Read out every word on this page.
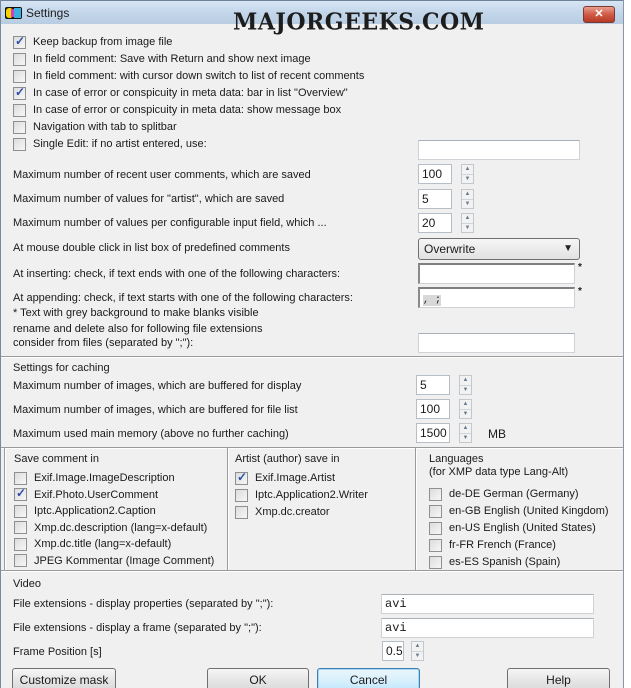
Settings	MAJORGEEKS.COM	✕
✓
Keep backup from image file
In field comment: Save with Return and show next image
In field comment: with cursor down switch to list of recent comments
✓
In case of error or conspicuity in meta data: bar in list "Overview"
In case of error or conspicuity in meta data: show message box
Navigation with tab to splitbar
Single Edit: if no artist entered, use:
Maximum number of recent user comments, which are saved	100	▲
▼
Maximum number of values for "artist", which are saved	5	▲
▼
Maximum number of values per configurable input field, which ...	20	▲
▼
At mouse double click in list box of predefined comments	Overwrite	▼
At inserting: check, if text ends with one of the following characters:
*
At appending: check, if text starts with one of the following characters:	, ;
*
* Text with grey background to make blanks visible
rename and delete also for following file extensions
consider from files (separated by ";"):
Settings for caching
Maximum number of images, which are buffered for display	5	▲
▼
Maximum number of images, which are buffered for file list	100	▲
▼
Maximum used main memory (above no further caching)	1500	▲
▼ MB
Save comment in
Exif.Image.ImageDescription
✓
Exif.Photo.UserComment
Iptc.Application2.Caption
Xmp.dc.description (lang=x-default)
Xmp.dc.title (lang=x-default)
JPEG Kommentar (Image Comment)
Artist (author) save in
✓
Exif.Image.Artist
Iptc.Application2.Writer
Xmp.dc.creator
Languages
(for XMP data type Lang-Alt)
de-DE German (Germany)
en-GB English (United Kingdom)
en-US English (United States)
fr-FR French (France)
es-ES Spanish (Spain)
Video
File extensions - display properties (separated by ";"):	avi
File extensions - display a frame (separated by ";"):	avi
Frame Position [s]	0.5	▲
▼
Customize mask	OK	Cancel	Help
